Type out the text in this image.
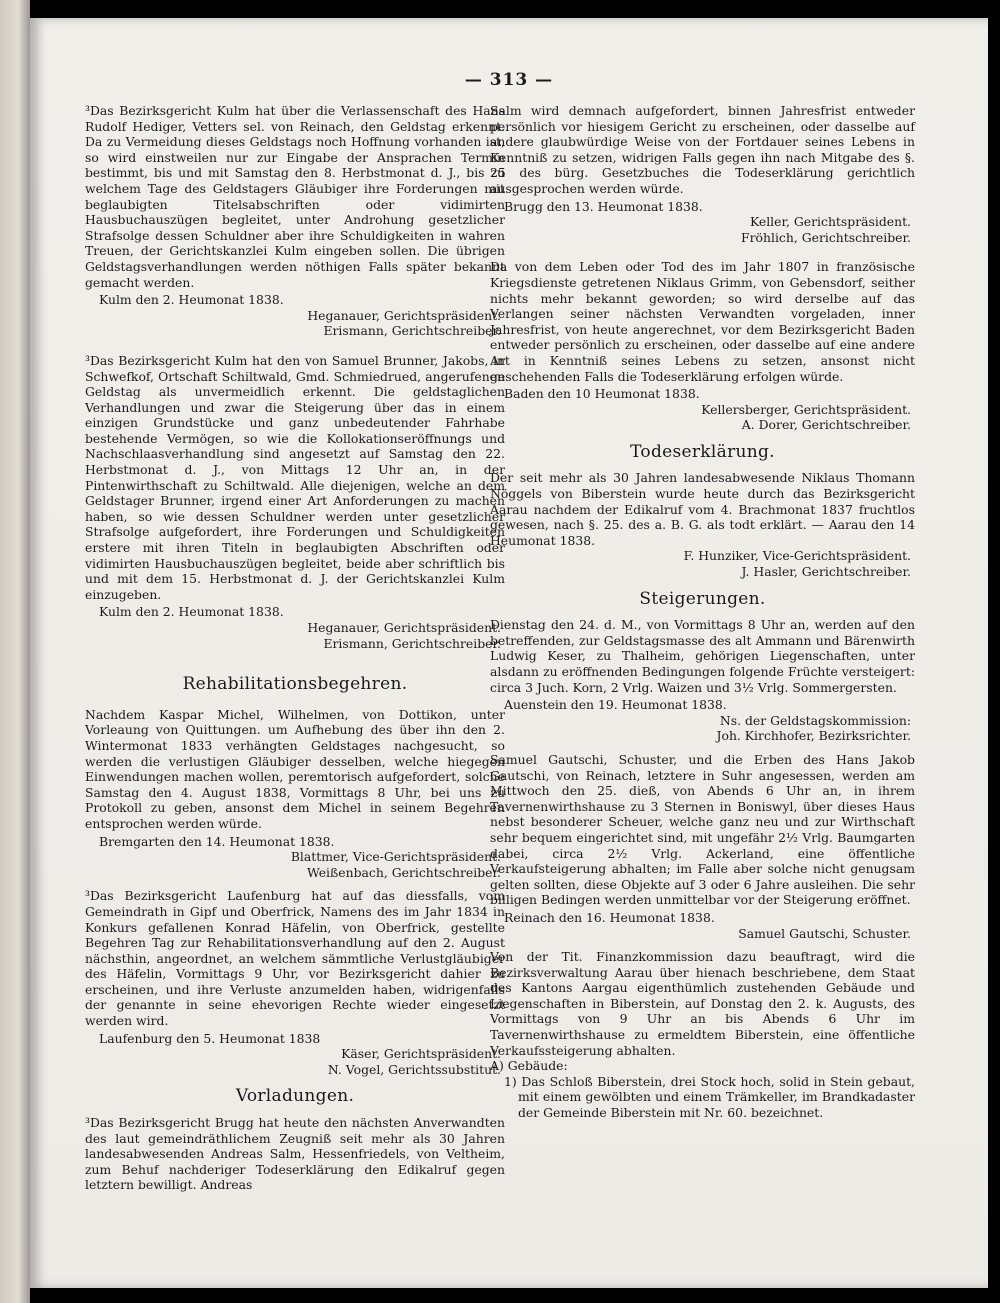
— 313 —

³Das Bezirksgericht Kulm hat über die Verlassenschaft des Hans Rudolf Hediger, Vetters sel. von Reinach, den Geldstag erkennt. Da zu Vermeidung dieses Geldstags noch Hoffnung vorhanden ist, so wird einstweilen nur zur Eingabe der Ansprachen Termin bestimmt, bis und mit Samstag den 8. Herbstmonat d. J., bis zu welchem Tage des Geldstagers Gläubiger ihre Forderungen mit beglaubigten Titelsabschriften oder vidimirten Hausbuchauszügen begleitet, unter Androhung gesetzlicher Strafsolge dessen Schuldner aber ihre Schuldigkeiten in wahren Treuen, der Gerichtskanzlei Kulm eingeben sollen. Die übrigen Geldstagsverhandlungen werden nöthigen Falls später bekannt gemacht werden.

Kulm den 2. Heumonat 1838.

Heganauer, Gerichtspräsident.

Erismann, Gerichtschreiber.

³Das Bezirksgericht Kulm hat den von Samuel Brunner, Jakobs, in Schwefkof, Ortschaft Schiltwald, Gmd. Schmiedrued, angerufenen Geldstag als unvermeidlich erkennt. Die geldstaglichen Verhandlungen und zwar die Steigerung über das in einem einzigen Grundstücke und ganz unbedeutender Fahrhabe bestehende Vermögen, so wie die Kollokationseröffnungs und Nachschlaasverhandlung sind angesetzt auf Samstag den 22. Herbstmonat d. J., von Mittags 12 Uhr an, in der Pintenwirthschaft zu Schiltwald. Alle diejenigen, welche an dem Geldstager Brunner, irgend einer Art Anforderungen zu machen haben, so wie dessen Schuldner werden unter gesetzlicher Strafsolge aufgefordert, ihre Forderungen und Schuldigkeiten erstere mit ihren Titeln in beglaubigten Abschriften oder vidimirten Hausbuchauszügen begleitet, beide aber schriftlich bis und mit dem 15. Herbstmonat d. J. der Gerichtskanzlei Kulm einzugeben.

Kulm den 2. Heumonat 1838.

Heganauer, Gerichtspräsident.

Erismann, Gerichtschreiber.

Rehabilitationsbegehren.

Nachdem Kaspar Michel, Wilhelmen, von Dottikon, unter Vorleaung von Quittungen. um Aufhebung des über ihn den 2. Wintermonat 1833 verhängten Geldstages nachgesucht, so werden die verlustigen Gläubiger desselben, welche hiegegen Einwendungen machen wollen, peremtorisch aufgefordert, solche Samstag den 4. August 1838, Vormittags 8 Uhr, bei uns zu Protokoll zu geben, ansonst dem Michel in seinem Begehren entsprochen werden würde.

Bremgarten den 14. Heumonat 1838.

Blattmer, Vice-Gerichtspräsident.

Weißenbach, Gerichtschreiber.

³Das Bezirksgericht Laufenburg hat auf das diessfalls, vom Gemeindrath in Gipf und Oberfrick, Namens des im Jahr 1834 in Konkurs gefallenen Konrad Häfelin, von Oberfrick, gestellte Begehren Tag zur Rehabilitationsverhandlung auf den 2. August nächsthin, angeordnet, an welchem sämmtliche Verlustgläubiger des Häfelin, Vormittags 9 Uhr, vor Bezirksgericht dahier zu erscheinen, und ihre Verluste anzumelden haben, widrigenfalls der genannte in seine ehevorigen Rechte wieder eingesetzt werden wird.

Laufenburg den 5. Heumonat 1838

Käser, Gerichtspräsident.

N. Vogel, Gerichtssubstitut.

Vorladungen.

³Das Bezirksgericht Brugg hat heute den nächsten Anverwandten des laut gemeindräthlichem Zeugniß seit mehr als 30 Jahren landesabwesenden Andreas Salm, Hessenfriedels, von Veltheim, zum Behuf nachderiger Todeserklärung den Edikalruf gegen letztern bewilligt. Andreas

Salm wird demnach aufgefordert, binnen Jahresfrist entweder persönlich vor hiesigem Gericht zu erscheinen, oder dasselbe auf andere glaubwürdige Weise von der Fortdauer seines Lebens in Kenntniß zu setzen, widrigen Falls gegen ihn nach Mitgabe des §. 25 des bürg. Gesetzbuches die Todeserklärung gerichtlich ausgesprochen werden würde.

Brugg den 13. Heumonat 1838.

Keller, Gerichtspräsident.

Fröhlich, Gerichtschreiber.

Da von dem Leben oder Tod des im Jahr 1807 in französische Kriegsdienste getretenen Niklaus Grimm, von Gebensdorf, seither nichts mehr bekannt geworden; so wird derselbe auf das Verlangen seiner nächsten Verwandten vorgeladen, inner Jahresfrist, von heute angerechnet, vor dem Bezirksgericht Baden entweder persönlich zu erscheinen, oder dasselbe auf eine andere Art in Kenntniß seines Lebens zu setzen, ansonst nicht geschehenden Falls die Todeserklärung erfolgen würde.

Baden den 10 Heumonat 1838.

Kellersberger, Gerichtspräsident.

A. Dorer, Gerichtschreiber.

Todeserklärung.

Der seit mehr als 30 Jahren landesabwesende Niklaus Thomann Nöggels von Biberstein wurde heute durch das Bezirksgericht Aarau nachdem der Edikalruf vom 4. Brachmonat 1837 fruchtlos gewesen, nach §. 25. des a. B. G. als todt erklärt. — Aarau den 14 Heumonat 1838.

F. Hunziker, Vice-Gerichtspräsident.

J. Hasler, Gerichtschreiber.

Steigerungen.

Dienstag den 24. d. M., von Vormittags 8 Uhr an, werden auf den betreffenden, zur Geldstagsmasse des alt Ammann und Bärenwirth Ludwig Keser, zu Thalheim, gehörigen Liegenschaften, unter alsdann zu eröffnenden Bedingungen folgende Früchte versteigert: circa 3 Juch. Korn, 2 Vrlg. Waizen und 3½ Vrlg. Sommergersten.

Auenstein den 19. Heumonat 1838.

Ns. der Geldstagskommission:

Joh. Kirchhofer, Bezirksrichter.

Samuel Gautschi, Schuster, und die Erben des Hans Jakob Gautschi, von Reinach, letztere in Suhr angesessen, werden am Mittwoch den 25. dieß, von Abends 6 Uhr an, in ihrem Tavernenwirthshause zu 3 Sternen in Boniswyl, über dieses Haus nebst besonderer Scheuer, welche ganz neu und zur Wirthschaft sehr bequem eingerichtet sind, mit ungefähr 2½ Vrlg. Baumgarten dabei, circa 2½ Vrlg. Ackerland, eine öffentliche Verkaufsteigerung abhalten; im Falle aber solche nicht genugsam gelten sollten, diese Objekte auf 3 oder 6 Jahre ausleihen. Die sehr billigen Bedingen werden unmittelbar vor der Steigerung eröffnet.

Reinach den 16. Heumonat 1838.

Samuel Gautschi, Schuster.

Von der Tit. Finanzkommission dazu beauftragt, wird die Bezirksverwaltung Aarau über hienach beschriebene, dem Staat des Kantons Aargau eigenthümlich zustehenden Gebäude und Liegenschaften in Biberstein, auf Donstag den 2. k. Augusts, des Vormittags von 9 Uhr an bis Abends 6 Uhr im Tavernenwirthshause zu ermeldtem Biberstein, eine öffentliche Verkaufssteigerung abhalten.

A) Gebäude:

1) Das Schloß Biberstein, drei Stock hoch, solid in Stein gebaut, mit einem gewölbten und einem Trämkeller, im Brandkadaster der Gemeinde Biberstein mit Nr. 60. bezeichnet.
